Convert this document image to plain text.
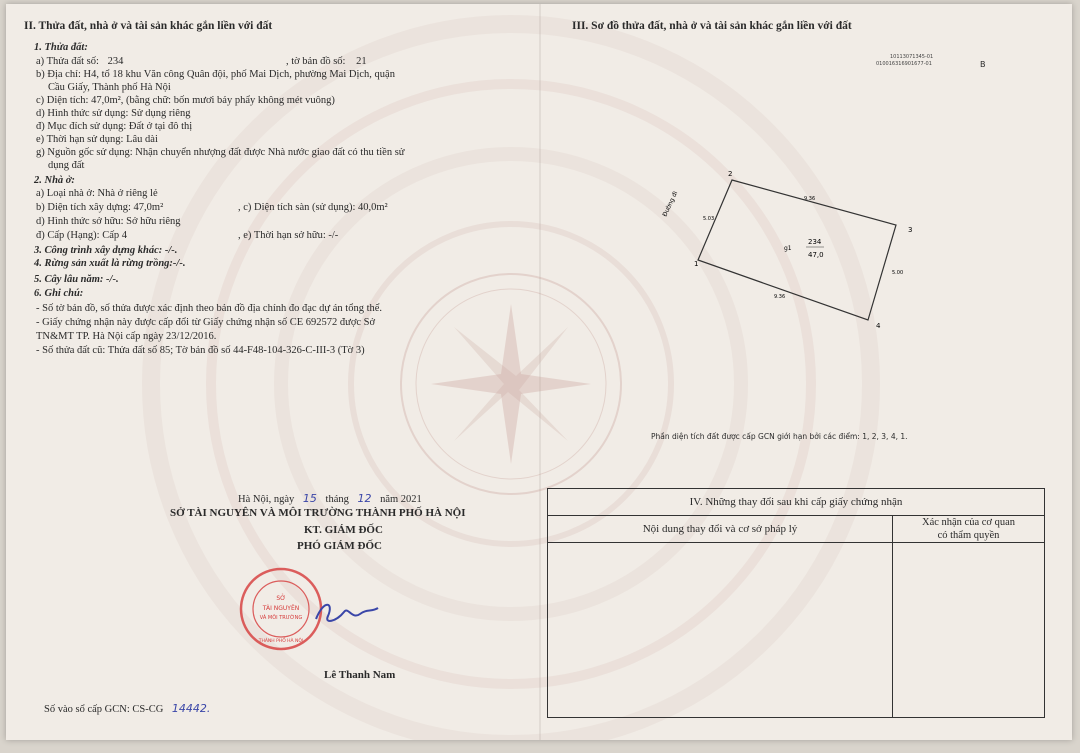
II. Thửa đất, nhà ở và tài sản khác gắn liền với đất
1. Thửa đất:
a) Thửa đất số: 234	, tờ bản đồ số: 21
b) Địa chỉ: H4, tổ 18 khu Văn công Quân đội, phố Mai Dịch, phường Mai Dịch, quận
Cầu Giấy, Thành phố Hà Nội
c) Diện tích: 47,0m², (bằng chữ: bốn mươi bảy phẩy không mét vuông)
d) Hình thức sử dụng: Sử dụng riêng
đ) Mục đích sử dụng: Đất ở tại đô thị
e) Thời hạn sử dụng: Lâu dài
g) Nguồn gốc sử dụng: Nhận chuyển nhượng đất được Nhà nước giao đất có thu tiền sử
dụng đất
2. Nhà ở:
a) Loại nhà ở: Nhà ở riêng lẻ
b) Diện tích xây dựng: 47,0m²	, c) Diện tích sàn (sử dụng): 40,0m²
d) Hình thức sở hữu: Sở hữu riêng
đ) Cấp (Hạng): Cấp 4	, e) Thời hạn sở hữu: -/-
3. Công trình xây dựng khác: -/-.
4. Rừng sản xuất là rừng trồng:-/-.
5. Cây lâu năm: -/-.
6. Ghi chú:
- Số tờ bản đồ, số thửa được xác định theo bản đồ địa chính đo đạc dự án tổng thể.
- Giấy chứng nhận này được cấp đổi từ Giấy chứng nhận số CE 692572 được Sở
TN&MT TP. Hà Nội cấp ngày 23/12/2016.
- Số thửa đất cũ: Thửa đất số 85; Tờ bản đồ số 44-F48-104-326-C-III-3 (Tờ 3)
Hà Nội, ngày 15 tháng 12 năm 2021
SỞ TÀI NGUYÊN VÀ MÔI TRƯỜNG THÀNH PHỐ HÀ NỘI
KT. GIÁM ĐỐC
PHÓ GIÁM ĐỐC
SỞ
TÀI NGUYÊN
VÀ MÔI TRƯỜNG
THÀNH PHỐ HÀ NỘI
Lê Thanh Nam
Số vào sổ cấp GCN: CS-CG 14442.
III. Sơ đồ thửa đất, nhà ở và tài sản khác gắn liền với đất
10113071345-01
010016316901677-01	B
Đường đi
1
2
3
4
9.36
5.03
5.00
9.36
g1
234
47,0
Phần diện tích đất được cấp GCN giới hạn bởi các điểm: 1, 2, 3, 4, 1.
IV. Những thay đổi sau khi cấp giấy chứng nhận
Nội dung thay đổi và cơ sở pháp lý
Xác nhận của cơ quan
có thẩm quyền
